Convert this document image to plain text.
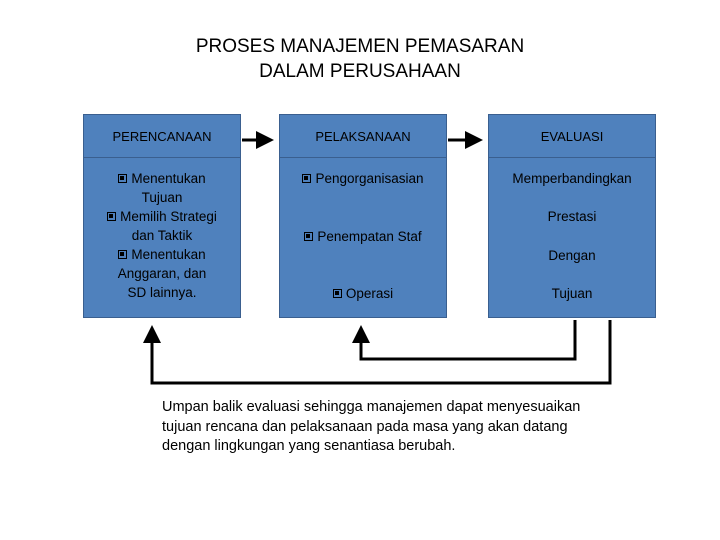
PROSES MANAJEMEN PEMASARAN
DALAM PERUSAHAAN
PERENCANAAN
Menentukan
Tujuan
Memilih Strategi
dan Taktik
Menentukan
Anggaran, dan
SD lainnya.
PELAKSANAAN
Pengorganisasian
Penempatan Staf
Operasi
EVALUASI
Memperbandingkan
Prestasi
Dengan
Tujuan
Umpan balik evaluasi sehingga manajemen dapat menyesuaikan tujuan rencana dan pelaksanaan pada masa yang akan datang dengan lingkungan yang senantiasa berubah.
